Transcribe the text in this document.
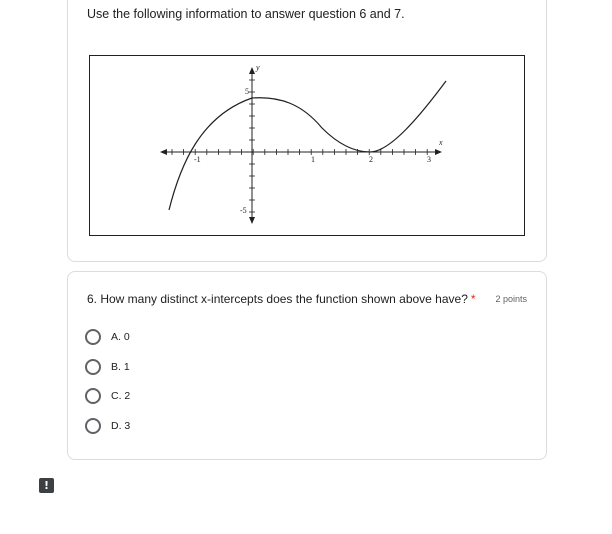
Use the following information to answer question 6 and 7.
-1	1	2	3
5
-5
y
x
6. How many distinct x-intercepts does the function shown above have? * 2 points
A. 0
B. 1
C. 2
D. 3
!
